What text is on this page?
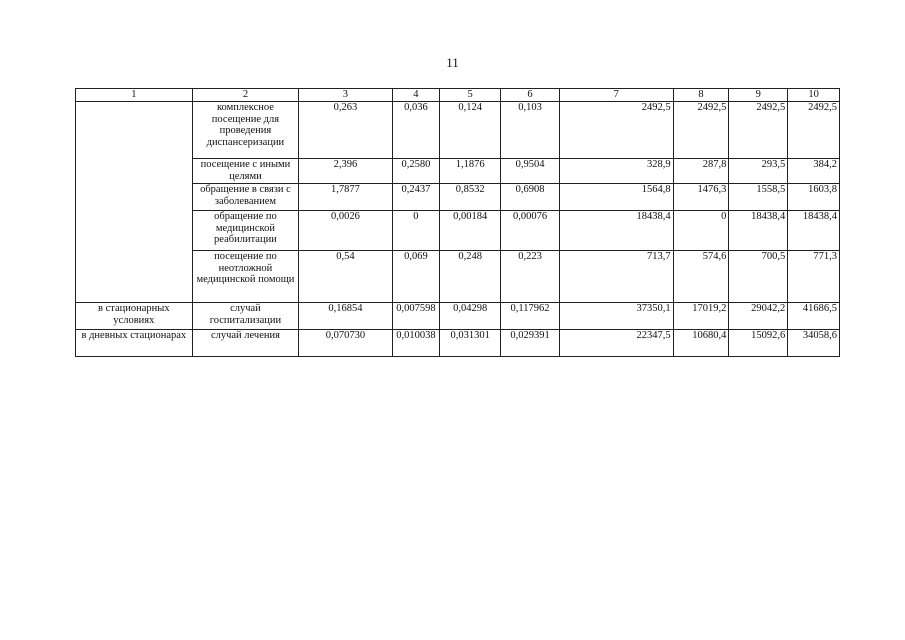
11
1	2	3	4	5	6	7	8	9	10
	комплексное посещение для проведения диспансеризации	0,263	0,036	0,124	0,103	2492,5	2492,5	2492,5	2492,5
	посещение с иными целями	2,396	0,2580	1,1876	0,9504	328,9	287,8	293,5	384,2
	обращение в связи с заболеванием	1,7877	0,2437	0,8532	0,6908	1564,8	1476,3	1558,5	1603,8
	обращение по медицинской реабилитации	0,0026	0	0,00184	0,00076	18438,4	0	18438,4	18438,4
	посещение по неотложной медицинской помощи	0,54	0,069	0,248	0,223	713,7	574,6	700,5	771,3
в стационарных условиях	случай госпитализации	0,16854	0,007598	0,04298	0,117962	37350,1	17019,2	29042,2	41686,5
в дневных стационарах	случай лечения	0,070730	0,010038	0,031301	0,029391	22347,5	10680,4	15092,6	34058,6
